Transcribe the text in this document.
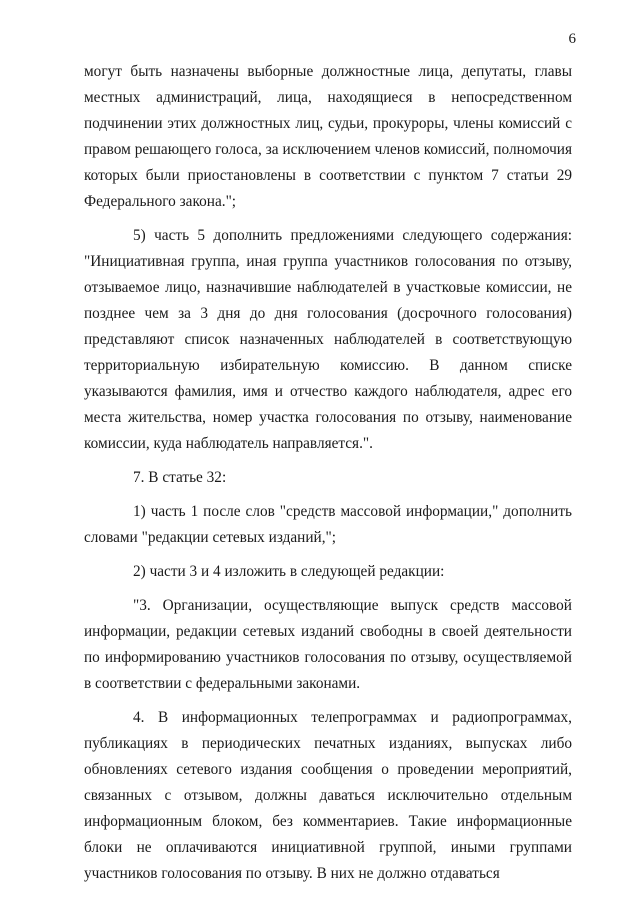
6

могут быть назначены выборные должностные лица, депутаты, главы местных администраций, лица, находящиеся в непосредственном подчинении этих должностных лиц, судьи, прокуроры, члены комиссий с правом решающего голоса, за исключением членов комиссий, полномочия которых были приостановлены в соответствии с пунктом 7 статьи 29 Федерального закона.";

5) часть 5 дополнить предложениями следующего содержания: "Инициативная группа, иная группа участников голосования по отзыву, отзываемое лицо, назначившие наблюдателей в участковые комиссии, не позднее чем за 3 дня до дня голосования (досрочного голосования) представляют список назначенных наблюдателей в соответствующую территориальную избирательную комиссию. В данном списке указываются фамилия, имя и отчество каждого наблюдателя, адрес его места жительства, номер участка голосования по отзыву, наименование комиссии, куда наблюдатель направляется.".

7. В статье 32:

1) часть 1 после слов "средств массовой информации," дополнить словами "редакции сетевых изданий,";

2) части 3 и 4 изложить в следующей редакции:

"3. Организации, осуществляющие выпуск средств массовой информации, редакции сетевых изданий свободны в своей деятельности по информированию участников голосования по отзыву, осуществляемой в соответствии с федеральными законами.

4. В информационных телепрограммах и радиопрограммах, публикациях в периодических печатных изданиях, выпусках либо обновлениях сетевого издания сообщения о проведении мероприятий, связанных с отзывом, должны даваться исключительно отдельным информационным блоком, без комментариев. Такие информационные блоки не оплачиваются инициативной группой, иными группами участников голосования по отзыву. В них не должно отдаваться
